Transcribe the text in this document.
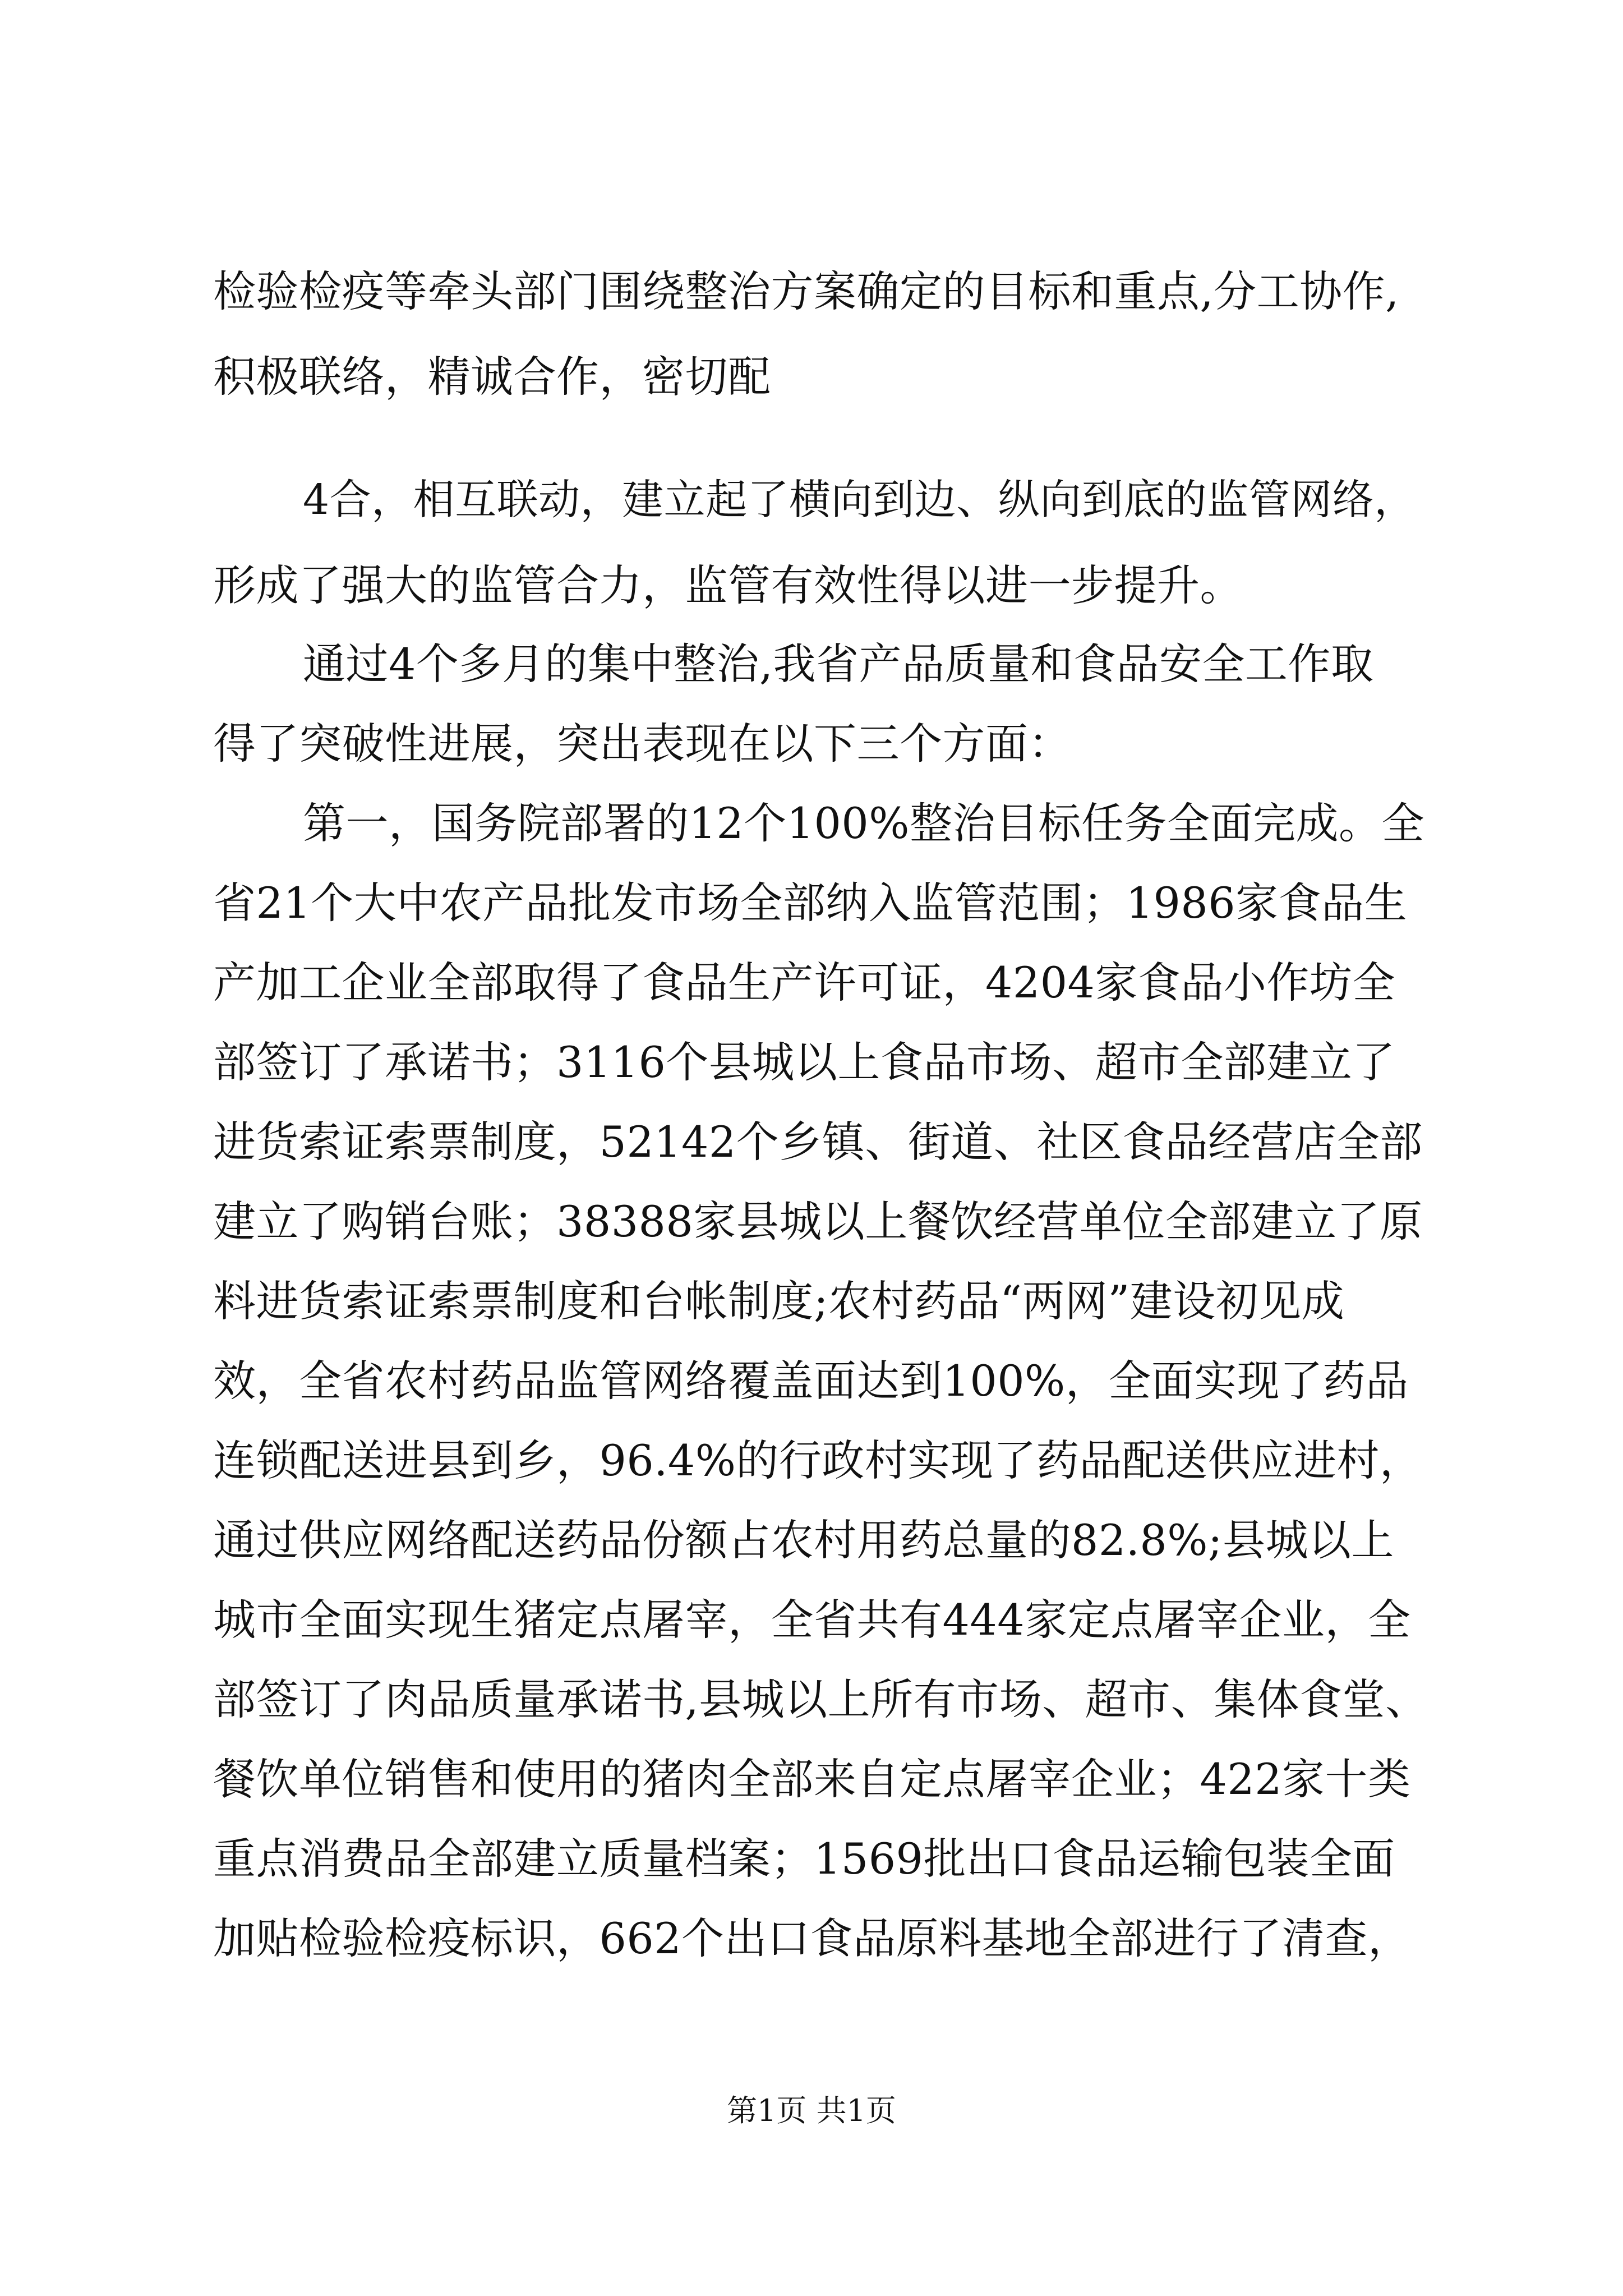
检验检疫等牵头部门围绕整治方案确定的目标和重点,分工协作,
积极联络，精诚合作，密切配
4合，相互联动，建立起了横向到边、纵向到底的监管网络，
形成了强大的监管合力，监管有效性得以进一步提升。
通过4个多月的集中整治,我省产品质量和食品安全工作取
得了突破性进展，突出表现在以下三个方面：
第一，国务院部署的12个100%整治目标任务全面完成。全
省21个大中农产品批发市场全部纳入监管范围；1986家食品生
产加工企业全部取得了食品生产许可证，4204家食品小作坊全
部签订了承诺书；3116个县城以上食品市场、超市全部建立了
进货索证索票制度，52142个乡镇、街道、社区食品经营店全部
建立了购销台账；38388家县城以上餐饮经营单位全部建立了原
料进货索证索票制度和台帐制度;农村药品“两网”建设初见成
效，全省农村药品监管网络覆盖面达到100%，全面实现了药品
连锁配送进县到乡，96.4%的行政村实现了药品配送供应进村，
通过供应网络配送药品份额占农村用药总量的82.8%;县城以上
城市全面实现生猪定点屠宰，全省共有444家定点屠宰企业，全
部签订了肉品质量承诺书,县城以上所有市场、超市、集体食堂、
餐饮单位销售和使用的猪肉全部来自定点屠宰企业；422家十类
重点消费品全部建立质量档案；1569批出口食品运输包装全面
加贴检验检疫标识，662个出口食品原料基地全部进行了清查，
第1页 共1页
